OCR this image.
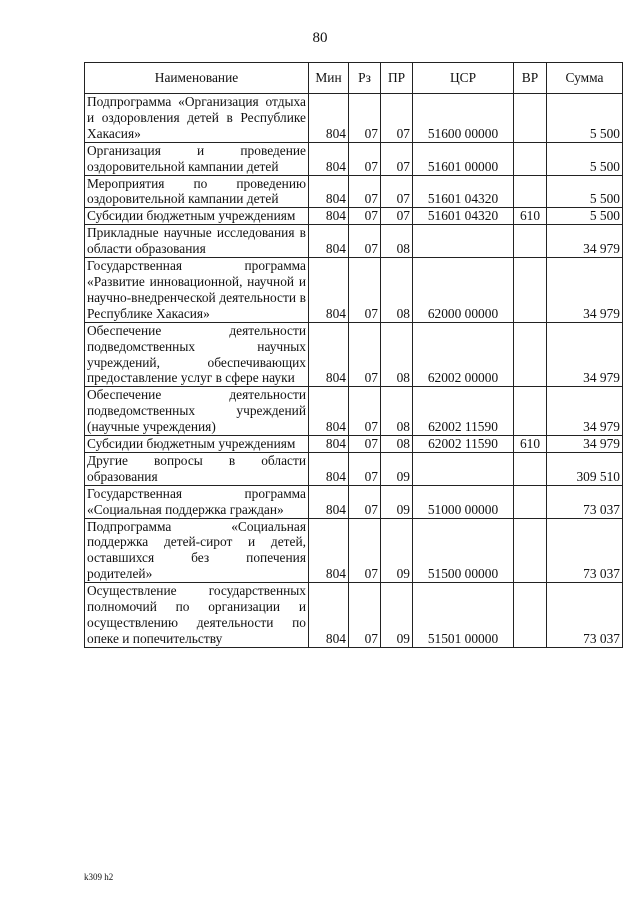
80
Наименование	Мин	Рз	ПР	ЦСР	ВР	Сумма
Подпрограмма «Организация отдыха и оздоровления детей в Республике Хакасия»	804	07	07	51600 00000		5 500
Организация и проведение оздоровительной кампании детей	804	07	07	51601 00000		5 500
Мероприятия по проведению оздоровительной кампании детей	804	07	07	51601 04320		5 500
Субсидии бюджетным учреждениям	804	07	07	51601 04320	610	5 500
Прикладные научные исследования в области образования	804	07	08			34 979
Государственная программа «Развитие инновационной, научной и научно-внедренческой деятельности в Республике Хакасия»	804	07	08	62000 00000		34 979
Обеспечение деятельности подведомственных научных учреждений, обеспечивающих предоставление услуг в сфере науки	804	07	08	62002 00000		34 979
Обеспечение деятельности подведомственных учреждений (научные учреждения)	804	07	08	62002 11590		34 979
Субсидии бюджетным учреждениям	804	07	08	62002 11590	610	34 979
Другие вопросы в области образования	804	07	09			309 510
Государственная программа «Социальная поддержка граждан»	804	07	09	51000 00000		73 037
Подпрограмма «Социальная поддержка детей-сирот и детей, оставшихся без попечения родителей»	804	07	09	51500 00000		73 037
Осуществление государственных полномочий по организации и осуществлению деятельности по опеке и попечительству	804	07	09	51501 00000		73 037
k309 h2
